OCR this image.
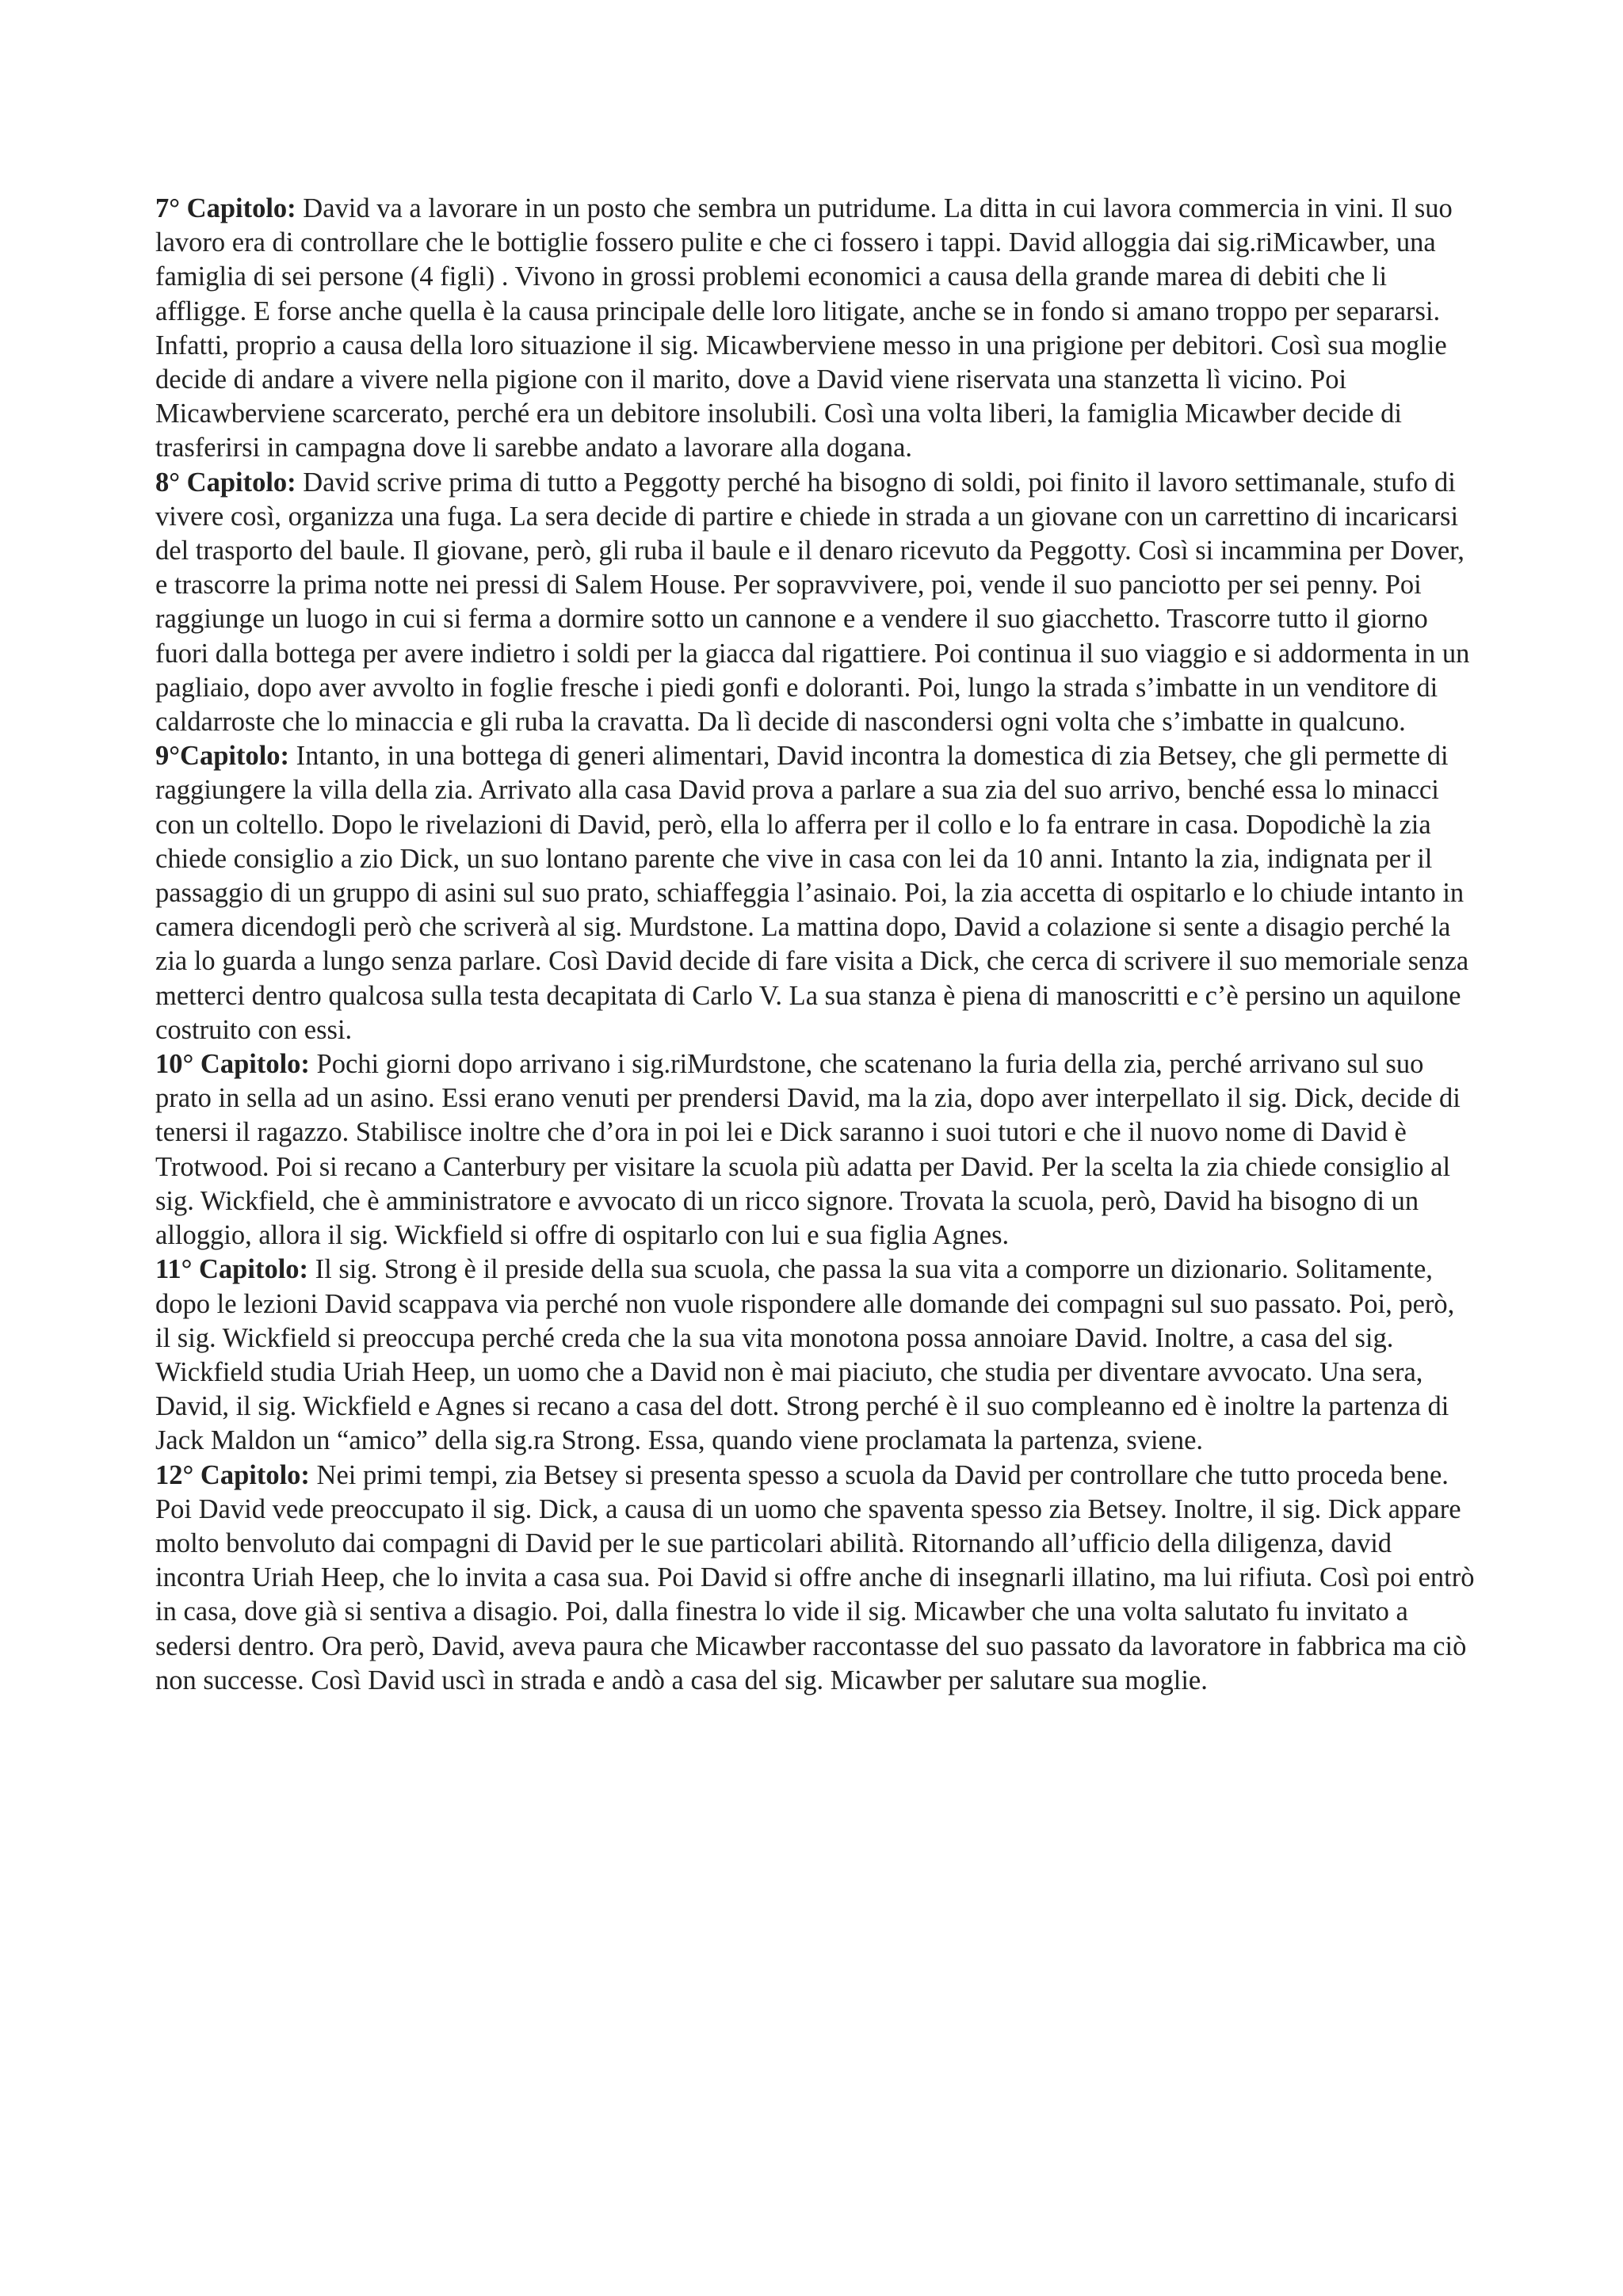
7° Capitolo: David va a lavorare in un posto che sembra un putridume. La ditta in cui lavora commercia in vini. Il suo lavoro era di controllare che le bottiglie fossero pulite e che ci fossero i tappi. David alloggia dai sig.riMicawber, una famiglia di sei persone (4 figli) . Vivono in grossi problemi economici a causa della grande marea di debiti che li affligge. E forse anche quella è la causa principale delle loro litigate, anche se in fondo si amano troppo per separarsi. Infatti, proprio a causa della loro situazione il sig. Micawberviene messo in una prigione per debitori. Così sua moglie decide di andare a vivere nella pigione con il marito, dove a David viene riservata una stanzetta lì vicino. Poi Micawberviene scarcerato, perché era un debitore insolubili. Così una volta liberi, la famiglia Micawber decide di trasferirsi in campagna dove li sarebbe andato a lavorare alla dogana.

8° Capitolo: David scrive prima di tutto a Peggotty perché ha bisogno di soldi, poi finito il lavoro settimanale, stufo di vivere così, organizza una fuga. La sera decide di partire e chiede in strada a un giovane con un carrettino di incaricarsi del trasporto del baule. Il giovane, però, gli ruba il baule e il denaro ricevuto da Peggotty. Così si incammina per Dover, e trascorre la prima notte nei pressi di Salem House. Per sopravvivere, poi, vende il suo panciotto per sei penny. Poi raggiunge un luogo in cui si ferma a dormire sotto un cannone e a vendere il suo giacchetto. Trascorre tutto il giorno fuori dalla bottega per avere indietro i soldi per la giacca dal rigattiere. Poi continua il suo viaggio e si addormenta in un pagliaio, dopo aver avvolto in foglie fresche i piedi gonfi e doloranti. Poi, lungo la strada s’imbatte in un venditore di caldarroste che lo minaccia e gli ruba la cravatta. Da lì decide di nascondersi ogni volta che s’imbatte in qualcuno.

9°Capitolo: Intanto, in una bottega di generi alimentari, David incontra la domestica di zia Betsey, che gli permette di raggiungere la villa della zia. Arrivato alla casa David prova a parlare a sua zia del suo arrivo, benché essa lo minacci con un coltello. Dopo le rivelazioni di David, però, ella lo afferra per il collo e lo fa entrare in casa. Dopodichè la zia chiede consiglio a zio Dick, un suo lontano parente che vive in casa con lei da 10 anni. Intanto la zia, indignata per il passaggio di un gruppo di asini sul suo prato, schiaffeggia l’asinaio. Poi, la zia accetta di ospitarlo e lo chiude intanto in camera dicendogli però che scriverà al sig. Murdstone. La mattina dopo, David a colazione si sente a disagio perché la zia lo guarda a lungo senza parlare. Così David decide di fare visita a Dick, che cerca di scrivere il suo memoriale senza metterci dentro qualcosa sulla testa decapitata di Carlo V. La sua stanza è piena di manoscritti e c’è persino un aquilone costruito con essi.

10° Capitolo: Pochi giorni dopo arrivano i sig.riMurdstone, che scatenano la furia della zia, perché arrivano sul suo prato in sella ad un asino. Essi erano venuti per prendersi David, ma la zia, dopo aver interpellato il sig. Dick, decide di tenersi il ragazzo. Stabilisce inoltre che d’ora in poi lei e Dick saranno i suoi tutori e che il nuovo nome di David è Trotwood. Poi si recano a Canterbury per visitare la scuola più adatta per David. Per la scelta la zia chiede consiglio al sig. Wickfield, che è amministratore e avvocato di un ricco signore. Trovata la scuola, però, David ha bisogno di un alloggio, allora il sig. Wickfield si offre di ospitarlo con lui e sua figlia Agnes.

11° Capitolo: Il sig. Strong è il preside della sua scuola, che passa la sua vita a comporre un dizionario. Solitamente, dopo le lezioni David scappava via perché non vuole rispondere alle domande dei compagni sul suo passato. Poi, però, il sig. Wickfield si preoccupa perché creda che la sua vita monotona possa annoiare David. Inoltre, a casa del sig. Wickfield studia Uriah Heep, un uomo che a David non è mai piaciuto, che studia per diventare avvocato. Una sera, David, il sig. Wickfield e Agnes si recano a casa del dott. Strong perché è il suo compleanno ed è inoltre la partenza di Jack Maldon un “amico” della sig.ra Strong. Essa, quando viene proclamata la partenza, sviene.

12° Capitolo: Nei primi tempi, zia Betsey si presenta spesso a scuola da David per controllare che tutto proceda bene. Poi David vede preoccupato il sig. Dick, a causa di un uomo che spaventa spesso zia Betsey. Inoltre, il sig. Dick appare molto benvoluto dai compagni di David per le sue particolari abilità. Ritornando all’ufficio della diligenza, david incontra Uriah Heep, che lo invita a casa sua. Poi David si offre anche di insegnarli illatino, ma lui rifiuta. Così poi entrò in casa, dove già si sentiva a disagio. Poi, dalla finestra lo vide il sig. Micawber che una volta salutato fu invitato a sedersi dentro. Ora però, David, aveva paura che Micawber raccontasse del suo passato da lavoratore in fabbrica ma ciò non successe. Così David uscì in strada e andò a casa del sig. Micawber per salutare sua moglie.
